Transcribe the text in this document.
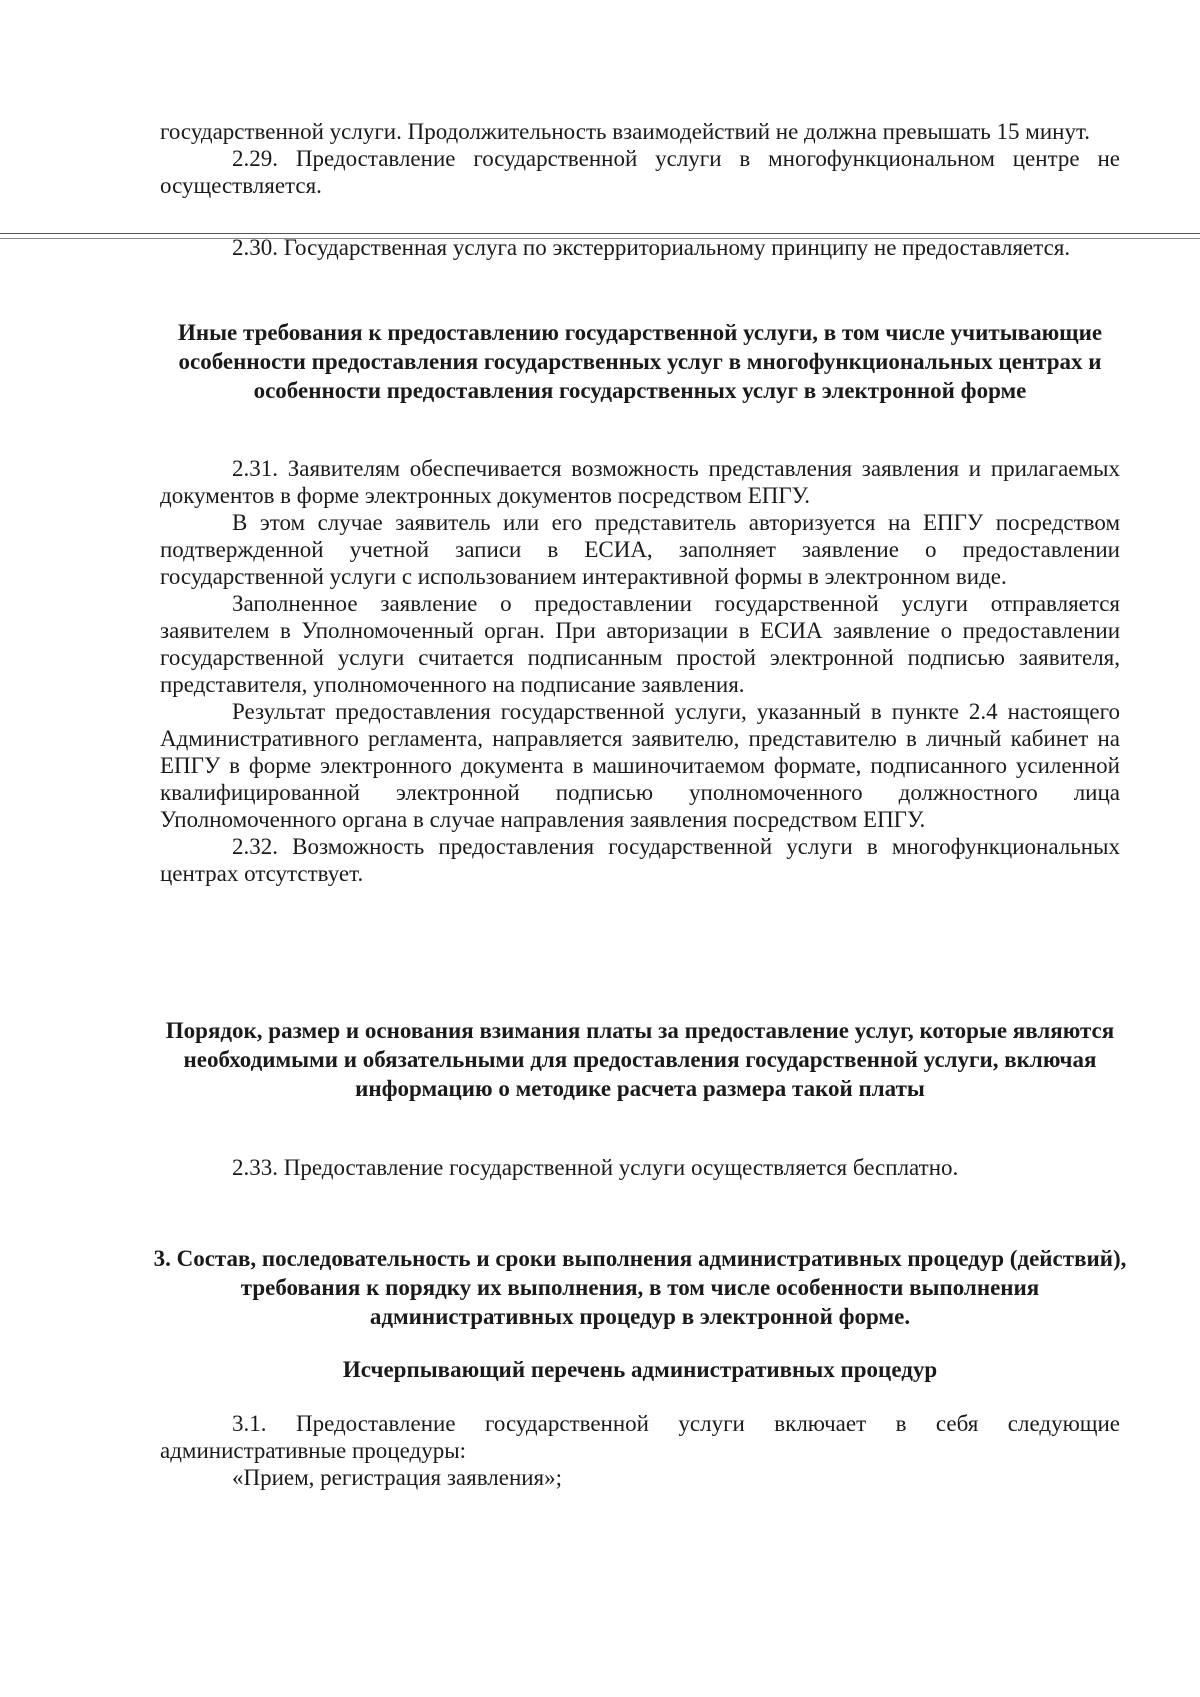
государственной услуги. Продолжительность взаимодействий не должна превышать 15 минут.

2.29. Предоставление государственной услуги в многофункциональном центре не осуществляется.

2.30. Государственная услуга по экстерриториальному принципу не предоставляется.

Иные требования к предоставлению государственной услуги, в том числе учитывающие особенности предоставления государственных услуг в многофункциональных центрах и особенности предоставления государственных услуг в электронной форме

2.31. Заявителям обеспечивается возможность представления заявления и прилагаемых документов в форме электронных документов посредством ЕПГУ.

В этом случае заявитель или его представитель авторизуется на ЕПГУ посредством подтвержденной учетной записи в ЕСИА, заполняет заявление о предоставлении государственной услуги с использованием интерактивной формы в электронном виде.

Заполненное заявление о предоставлении государственной услуги отправляется заявителем в Уполномоченный орган. При авторизации в ЕСИА заявление о предоставлении государственной услуги считается подписанным простой электронной подписью заявителя, представителя, уполномоченного на подписание заявления.

Результат предоставления государственной услуги, указанный в пункте 2.4 настоящего Административного регламента, направляется заявителю, представителю в личный кабинет на ЕПГУ в форме электронного документа в машиночитаемом формате, подписанного усиленной квалифицированной электронной подписью уполномоченного должностного лица Уполномоченного органа в случае направления заявления посредством ЕПГУ.

2.32. Возможность предоставления государственной услуги в многофункциональных центрах отсутствует.

Порядок, размер и основания взимания платы за предоставление услуг, которые являются необходимыми и обязательными для предоставления государственной услуги, включая информацию о методике расчета размера такой платы

2.33. Предоставление государственной услуги осуществляется бесплатно.

3. Состав, последовательность и сроки выполнения административных процедур (действий), требования к порядку их выполнения, в том числе особенности выполнения административных процедур в электронной форме.

Исчерпывающий перечень административных процедур

3.1. Предоставление государственной услуги включает в себя следующие административные процедуры:

«Прием, регистрация заявления»;
